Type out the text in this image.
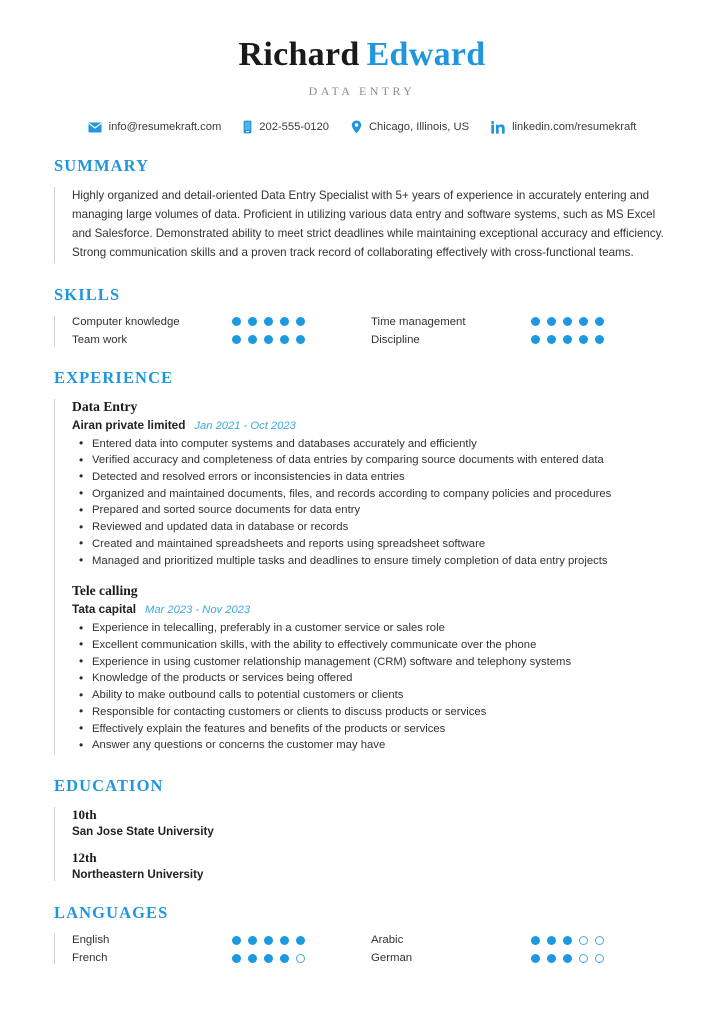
Richard Edward
DATA ENTRY
info@resumekraft.com	202-555-0120	Chicago, Illinois, US	linkedin.com/resumekraft
SUMMARY

Highly organized and detail-oriented Data Entry Specialist with 5+ years of experience in accurately entering and managing large volumes of data. Proficient in utilizing various data entry and software systems, such as MS Excel and Salesforce. Demonstrated ability to meet strict deadlines while maintaining exceptional accuracy and efficiency. Strong communication skills and a proven track record of collaborating effectively with cross-functional teams.

SKILLS
Computer knowledge	Time management
Team work	Discipline
EXPERIENCE
Data Entry
Airan private limited Jan 2021 - Oct 2023
• Entered data into computer systems and databases accurately and efficiently
• Verified accuracy and completeness of data entries by comparing source documents with entered data
• Detected and resolved errors or inconsistencies in data entries
• Organized and maintained documents, files, and records according to company policies and procedures
• Prepared and sorted source documents for data entry
• Reviewed and updated data in database or records
• Created and maintained spreadsheets and reports using spreadsheet software
• Managed and prioritized multiple tasks and deadlines to ensure timely completion of data entry projects
Tele calling
Tata capital Mar 2023 - Nov 2023
• Experience in telecalling, preferably in a customer service or sales role
• Excellent communication skills, with the ability to effectively communicate over the phone
• Experience in using customer relationship management (CRM) software and telephony systems
• Knowledge of the products or services being offered
• Ability to make outbound calls to potential customers or clients
• Responsible for contacting customers or clients to discuss products or services
• Effectively explain the features and benefits of the products or services
• Answer any questions or concerns the customer may have
EDUCATION
10th
San Jose State University
12th
Northeastern University
LANGUAGES
English	Arabic
French	German
